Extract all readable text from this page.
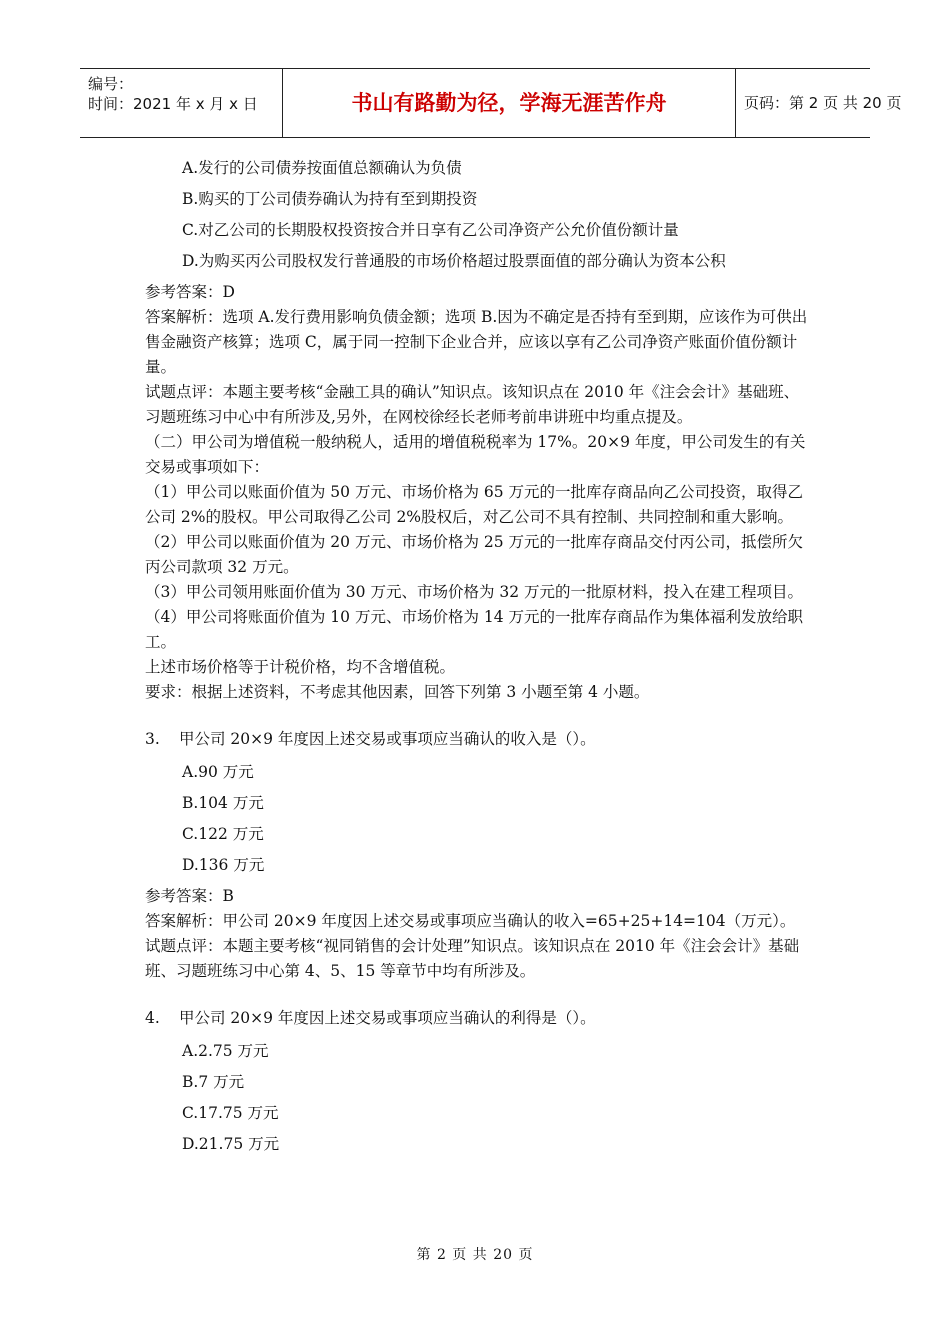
编号：
时间：2021 年 x 月 x 日	书山有路勤为径，学海无涯苦作舟	页码：第 2 页 共 20 页

A.发行的公司债券按面值总额确认为负债

B.购买的丁公司债券确认为持有至到期投资

C.对乙公司的长期股权投资按合并日享有乙公司净资产公允价值份额计量

D.为购买丙公司股权发行普通股的市场价格超过股票面值的部分确认为资本公积

参考答案：D

答案解析：选项 A.发行费用影响负债金额；选项 B.因为不确定是否持有至到期，应该作为可供出售金融资产核算；选项 C，属于同一控制下企业合并，应该以享有乙公司净资产账面价值份额计量。

试题点评：本题主要考核“金融工具的确认”知识点。该知识点在 2010 年《注会会计》基础班、习题班练习中心中有所涉及,另外，在网校徐经长老师考前串讲班中均重点提及。

（二）甲公司为增值税一般纳税人，适用的增值税税率为 17%。20×9 年度，甲公司发生的有关交易或事项如下：

（1）甲公司以账面价值为 50 万元、市场价格为 65 万元的一批库存商品向乙公司投资，取得乙公司 2%的股权。甲公司取得乙公司 2%股权后，对乙公司不具有控制、共同控制和重大影响。

（2）甲公司以账面价值为 20 万元、市场价格为 25 万元的一批库存商品交付丙公司，抵偿所欠丙公司款项 32 万元。

（3）甲公司领用账面价值为 30 万元、市场价格为 32 万元的一批原材料，投入在建工程项目。

（4）甲公司将账面价值为 10 万元、市场价格为 14 万元的一批库存商品作为集体福利发放给职工。

上述市场价格等于计税价格，均不含增值税。

要求：根据上述资料，不考虑其他因素，回答下列第 3 小题至第 4 小题。

3. 甲公司 20×9 年度因上述交易或事项应当确认的收入是（）。

A.90 万元

B.104 万元

C.122 万元

D.136 万元

参考答案：B

答案解析：甲公司 20×9 年度因上述交易或事项应当确认的收入=65+25+14=104（万元）。

试题点评：本题主要考核“视同销售的会计处理”知识点。该知识点在 2010 年《注会会计》基础班、习题班练习中心第 4、5、15 等章节中均有所涉及。

4. 甲公司 20×9 年度因上述交易或事项应当确认的利得是（）。

A.2.75 万元

B.7 万元

C.17.75 万元

D.21.75 万元

第 2 页 共 20 页
